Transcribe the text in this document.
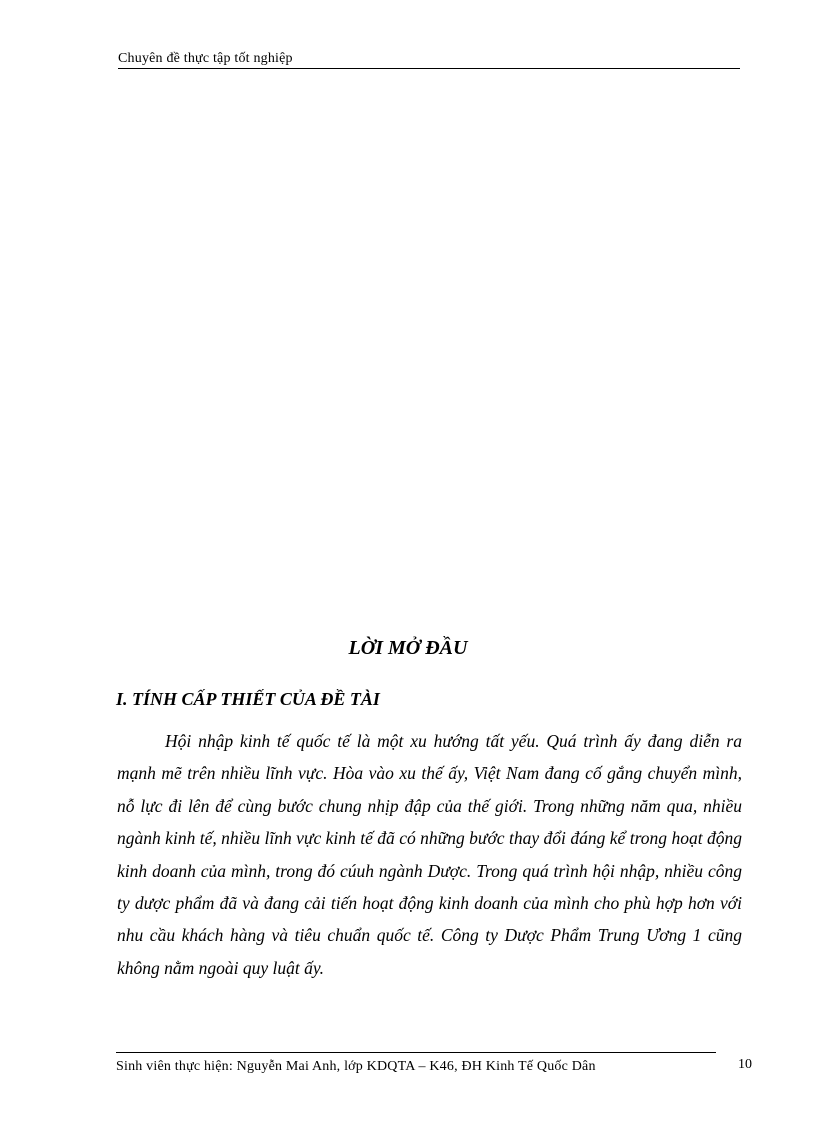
Chuyên đề thực tập tốt nghiệp
LỜI MỞ ĐẦU
I. TÍNH CẤP THIẾT CỦA ĐỀ TÀI

Hội nhập kinh tế quốc tế là một xu hướng tất yếu. Quá trình ấy đang diễn ra mạnh mẽ trên nhiều lĩnh vực. Hòa vào xu thế ấy, Việt Nam đang cố gắng chuyển mình, nỗ lực đi lên để cùng bước chung nhịp đập của thế giới. Trong những năm qua, nhiều ngành kinh tế, nhiều lĩnh vực kinh tế đã có những bước thay đổi đáng kể trong hoạt động kinh doanh của mình, trong đó cúuh ngành Dược. Trong quá trình hội nhập, nhiều công ty dược phẩm đã và đang cải tiến hoạt động kinh doanh của mình cho phù hợp hơn với nhu cầu khách hàng và tiêu chuẩn quốc tế. Công ty Dược Phẩm Trung Ương 1 cũng không nằm ngoài quy luật ấy.

Sinh viên thực hiện: Nguyễn Mai Anh, lớp KDQTA – K46, ĐH Kinh Tế Quốc Dân	10
